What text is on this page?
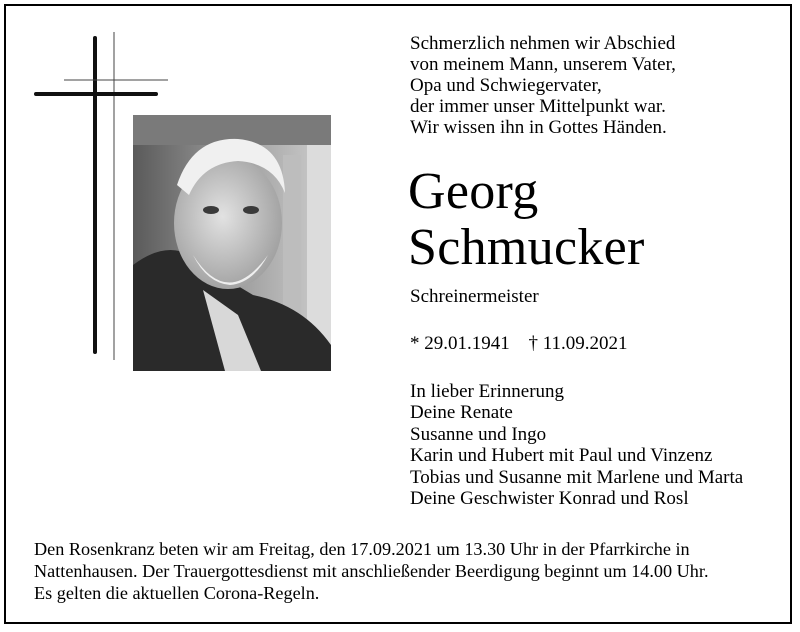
Schmerzlich nehmen wir Abschied
von meinem Mann, unserem Vater,
Opa und Schwiegervater,
der immer unser Mittelpunkt war.
Wir wissen ihn in Gottes Händen.
Georg
Schmucker
Schreinermeister
* 29.01.1941 † 11.09.2021
In lieber Erinnerung
Deine Renate
Susanne und Ingo
Karin und Hubert mit Paul und Vinzenz
Tobias und Susanne mit Marlene und Marta
Deine Geschwister Konrad und Rosl
Den Rosenkranz beten wir am Freitag, den 17.09.2021 um 13.30 Uhr in der Pfarrkirche in
Nattenhausen. Der Trauergottesdienst mit anschließender Beerdigung beginnt um 14.00 Uhr.
Es gelten die aktuellen Corona-Regeln.
